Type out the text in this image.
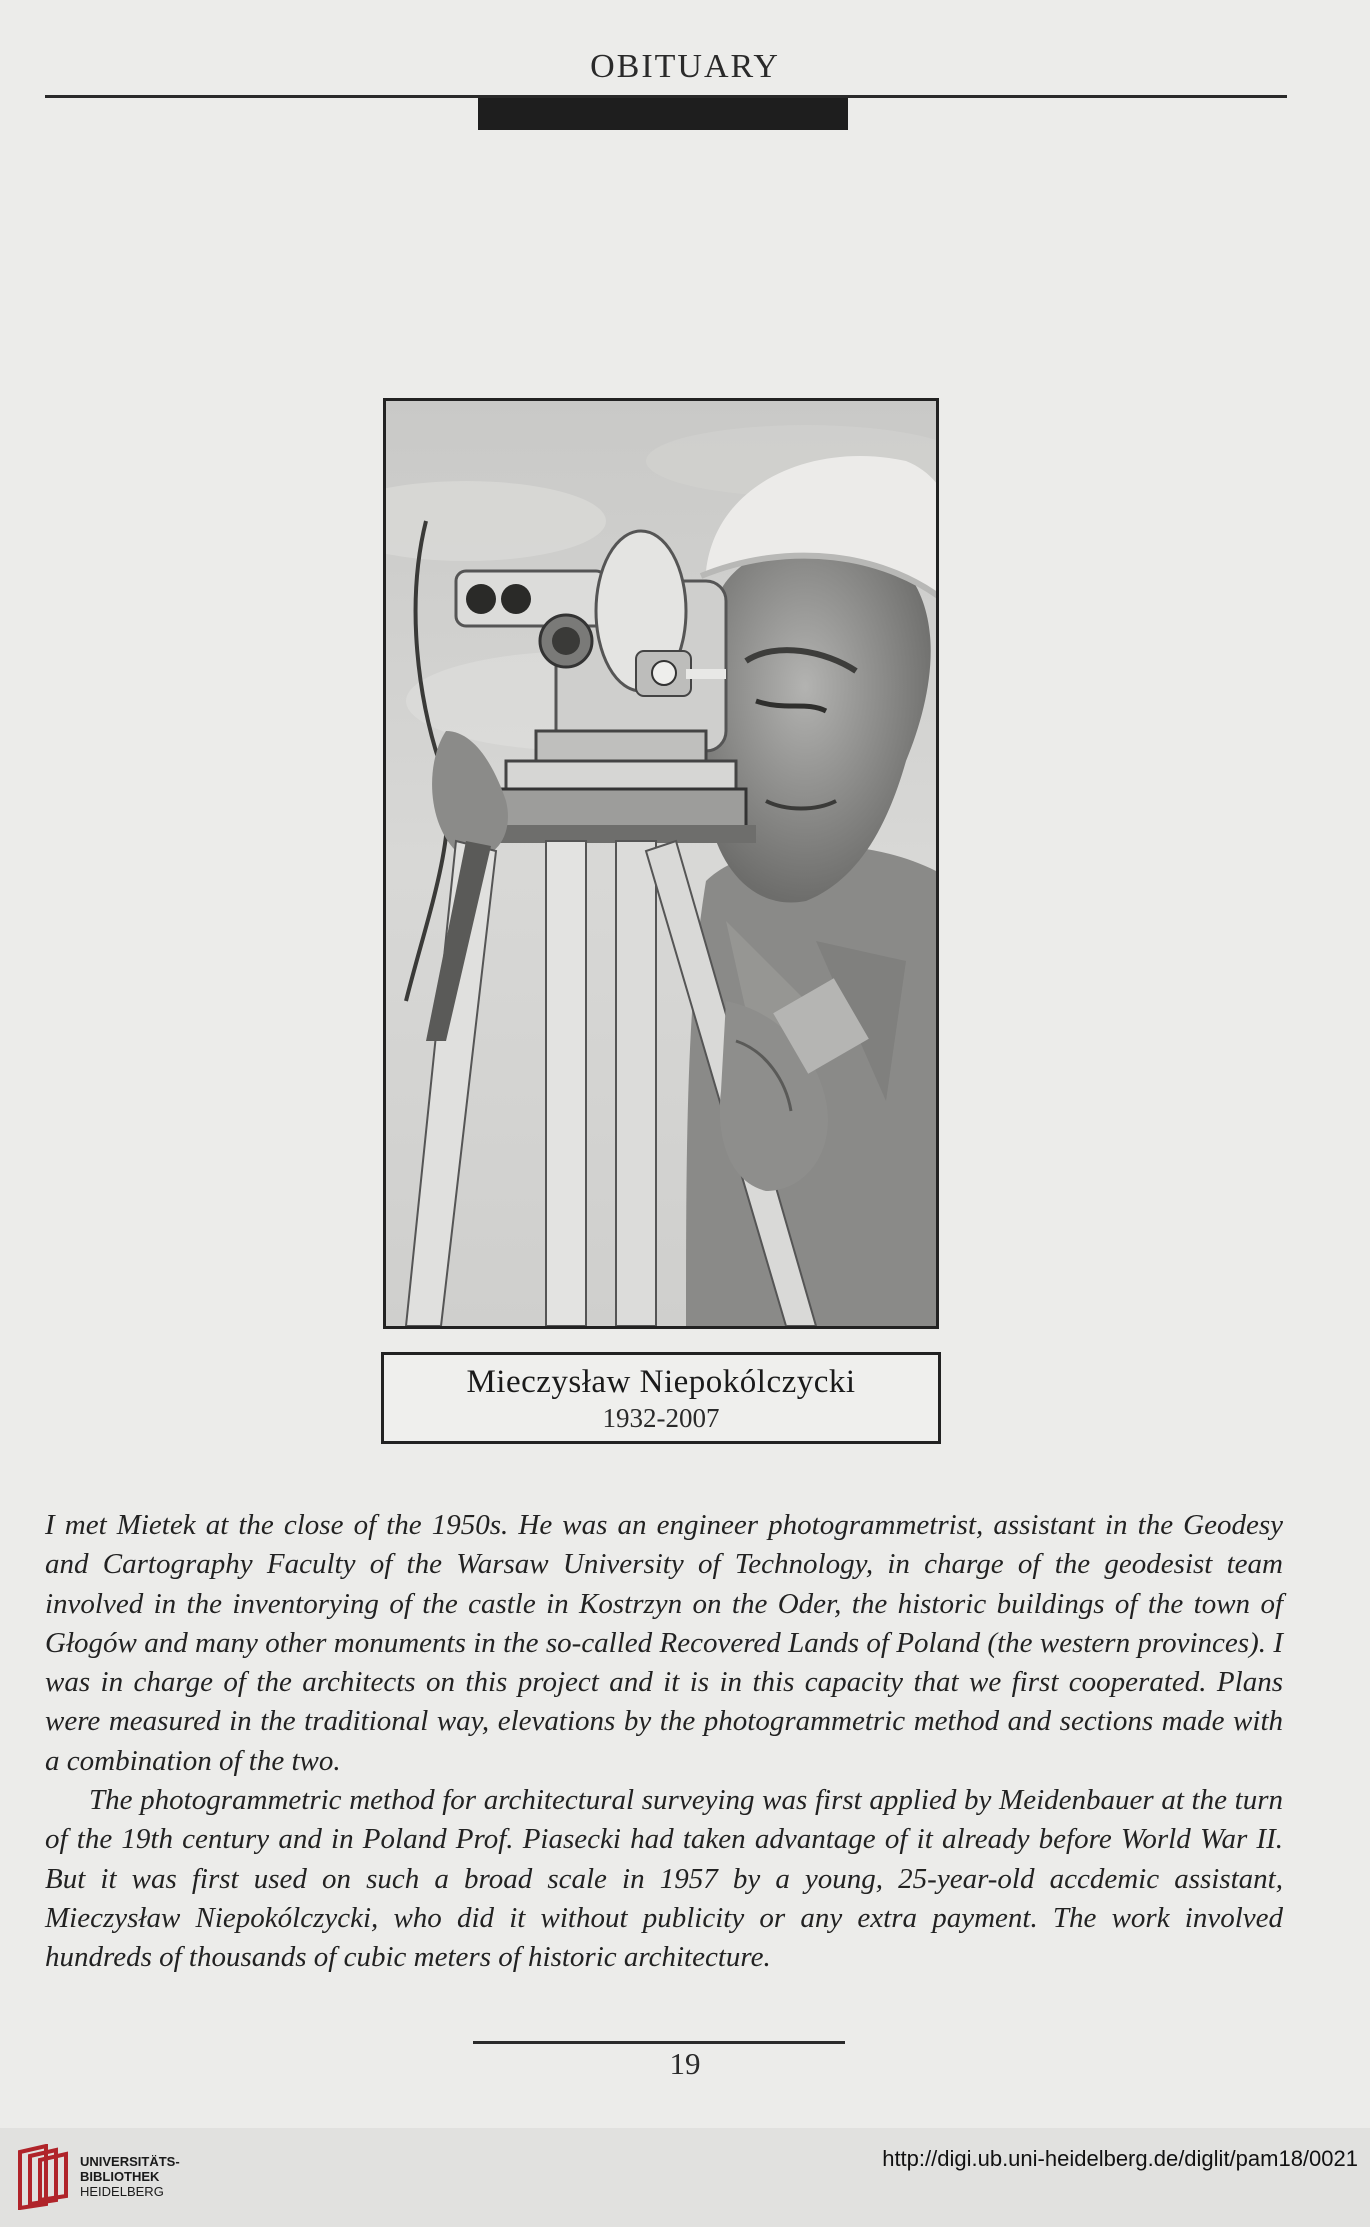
OBITUARY
Mieczysław Niepokólczycki
1932-2007

I met Mietek at the close of the 1950s. He was an engineer photogrammetrist, assistant in the Geodesy and Cartography Faculty of the Warsaw University of Technology, in charge of the geodesist team involved in the inventorying of the castle in Kostrzyn on the Oder, the historic buildings of the town of Głogów and many other monuments in the so-called Recovered Lands of Poland (the western provinces). I was in charge of the architects on this project and it is in this capacity that we first cooperated. Plans were measured in the traditional way, elevations by the photogrammetric method and sections made with a combination of the two.

The photogrammetric method for architectural surveying was first applied by Meidenbauer at the turn of the 19th century and in Poland Prof. Piasecki had taken advantage of it already before World War II. But it was first used on such a broad scale in 1957 by a young, 25-year-old accdemic assistant, Mieczysław Niepokólczycki, who did it without publicity or any extra payment. The work involved hundreds of thousands of cubic meters of historic architecture.

19
UNIVERSITÄTS-
BIBLIOTHEK
HEIDELBERG
http://digi.ub.uni-heidelberg.de/diglit/pam18/0021
